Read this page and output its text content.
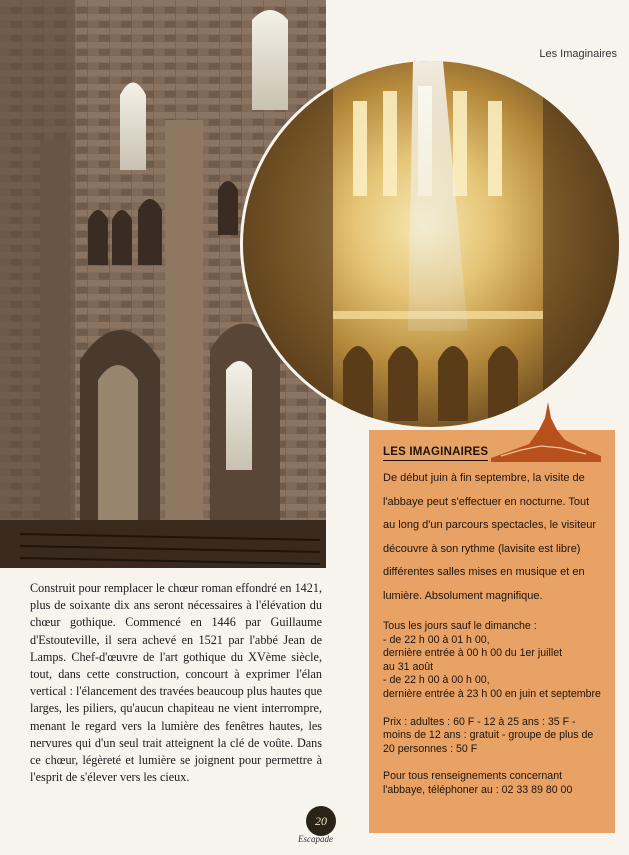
Les Imaginaires
Construit pour remplacer le chœur roman effondré en 1421, plus de soixante dix ans seront nécessaires à l'élévation du chœur gothique. Commencé en 1446 par Guillaume d'Estouteville, il sera achevé en 1521 par l'abbé Jean de Lamps. Chef-d'œuvre de l'art gothique du XVème siècle, tout, dans cette construction, concourt à exprimer l'élan vertical : l'élancement des travées beaucoup plus hautes que larges, les piliers, qu'aucun chapiteau ne vient interrompre, menant le regard vers la lumière des fenêtres hautes, les nervures qui d'un seul trait atteignent la clé de voûte. Dans ce chœur, légèreté et lumière se joignent pour permettre à l'esprit de s'élever vers les cieux.
LES IMAGINAIRES
De début juin à fin septembre, la visite de l'abbaye peut s'effectuer en nocturne. Tout au long d'un parcours spectacles, le visiteur découvre à son rythme (lavisite est libre) différentes salles mises en musique et en lumière. Absolument magnifique.
Tous les jours sauf le dimanche :
- de 22 h 00 à 01 h 00,
dernière entrée à 00 h 00 du 1er juillet
au 31 août
- de 22 h 00 à 00 h 00,
dernière entrée à 23 h 00 en juin et septembre
Prix : adultes : 60 F - 12 à 25 ans : 35 F - moins de 12 ans : gratuit - groupe de plus de 20 personnes : 50 F
Pour tous renseignements concernant l'abbaye, téléphoner au : 02 33 89 80 00
20
Escapade
